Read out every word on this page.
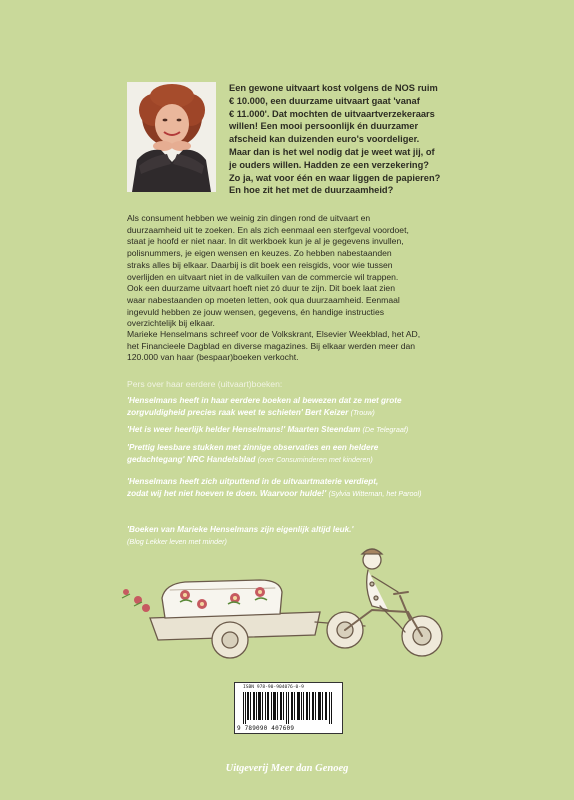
Een gewone uitvaart kost volgens de NOS ruim
€ 10.000, een duurzame uitvaart gaat 'vanaf
€ 11.000'. Dat mochten de uitvaartverzekeraars
willen! Een mooi persoonlijk én duurzamer
afscheid kan duizenden euro's voordeliger.
Maar dan is het wel nodig dat je weet wat jij, of
je ouders willen. Hadden ze een verzekering?
Zo ja, wat voor één en waar liggen de papieren?
En hoe zit het met de duurzaamheid?

Als consument hebben we weinig zin dingen rond de uitvaart en
duurzaamheid uit te zoeken. En als zich eenmaal een sterfgeval voordoet,
staat je hoofd er niet naar. In dit werkboek kun je al je gegevens invullen,
polisnummers, je eigen wensen en keuzes. Zo hebben nabestaanden
straks alles bij elkaar. Daarbij is dit boek een reisgids, voor wie tussen
overlijden en uitvaart niet in de valkuilen van de commercie wil trappen.
Ook een duurzame uitvaart hoeft niet zó duur te zijn. Dit boek laat zien
waar nabestaanden op moeten letten, ook qua duurzaamheid. Eenmaal
ingevuld hebben ze jouw wensen, gegevens, én handige instructies
overzichtelijk bij elkaar.

Marieke Henselmans schreef voor de Volkskrant, Elsevier Weekblad, het AD,
het Financieele Dagblad en diverse magazines. Bij elkaar werden meer dan
120.000 van haar (bespaar)boeken verkocht.

Pers over haar eerdere (uitvaart)boeken:

'Henselmans heeft in haar eerdere boeken al bewezen dat ze met grote
zorgvuldigheid precies raak weet te schieten' Bert Keizer (Trouw)

'Het is weer heerlijk helder Henselmans!' Maarten Steendam (De Telegraaf)

'Prettig leesbare stukken met zinnige observaties en een heldere
gedachtegang' NRC Handelsblad (over Consuminderen met kinderen)

'Henselmans heeft zich uitputtend in de uitvaartmaterie verdiept,
zodat wij het niet hoeven te doen. Waarvoor hulde!' (Sylvia Witteman, het Parool)

'Boeken van Marieke Henselmans zijn eigenlijk altijd leuk.'
(Blog Lekker leven met minder)

ISBN 978-90-904076-0-9
9 789090 407609

Uitgeverij Meer dan Genoeg
